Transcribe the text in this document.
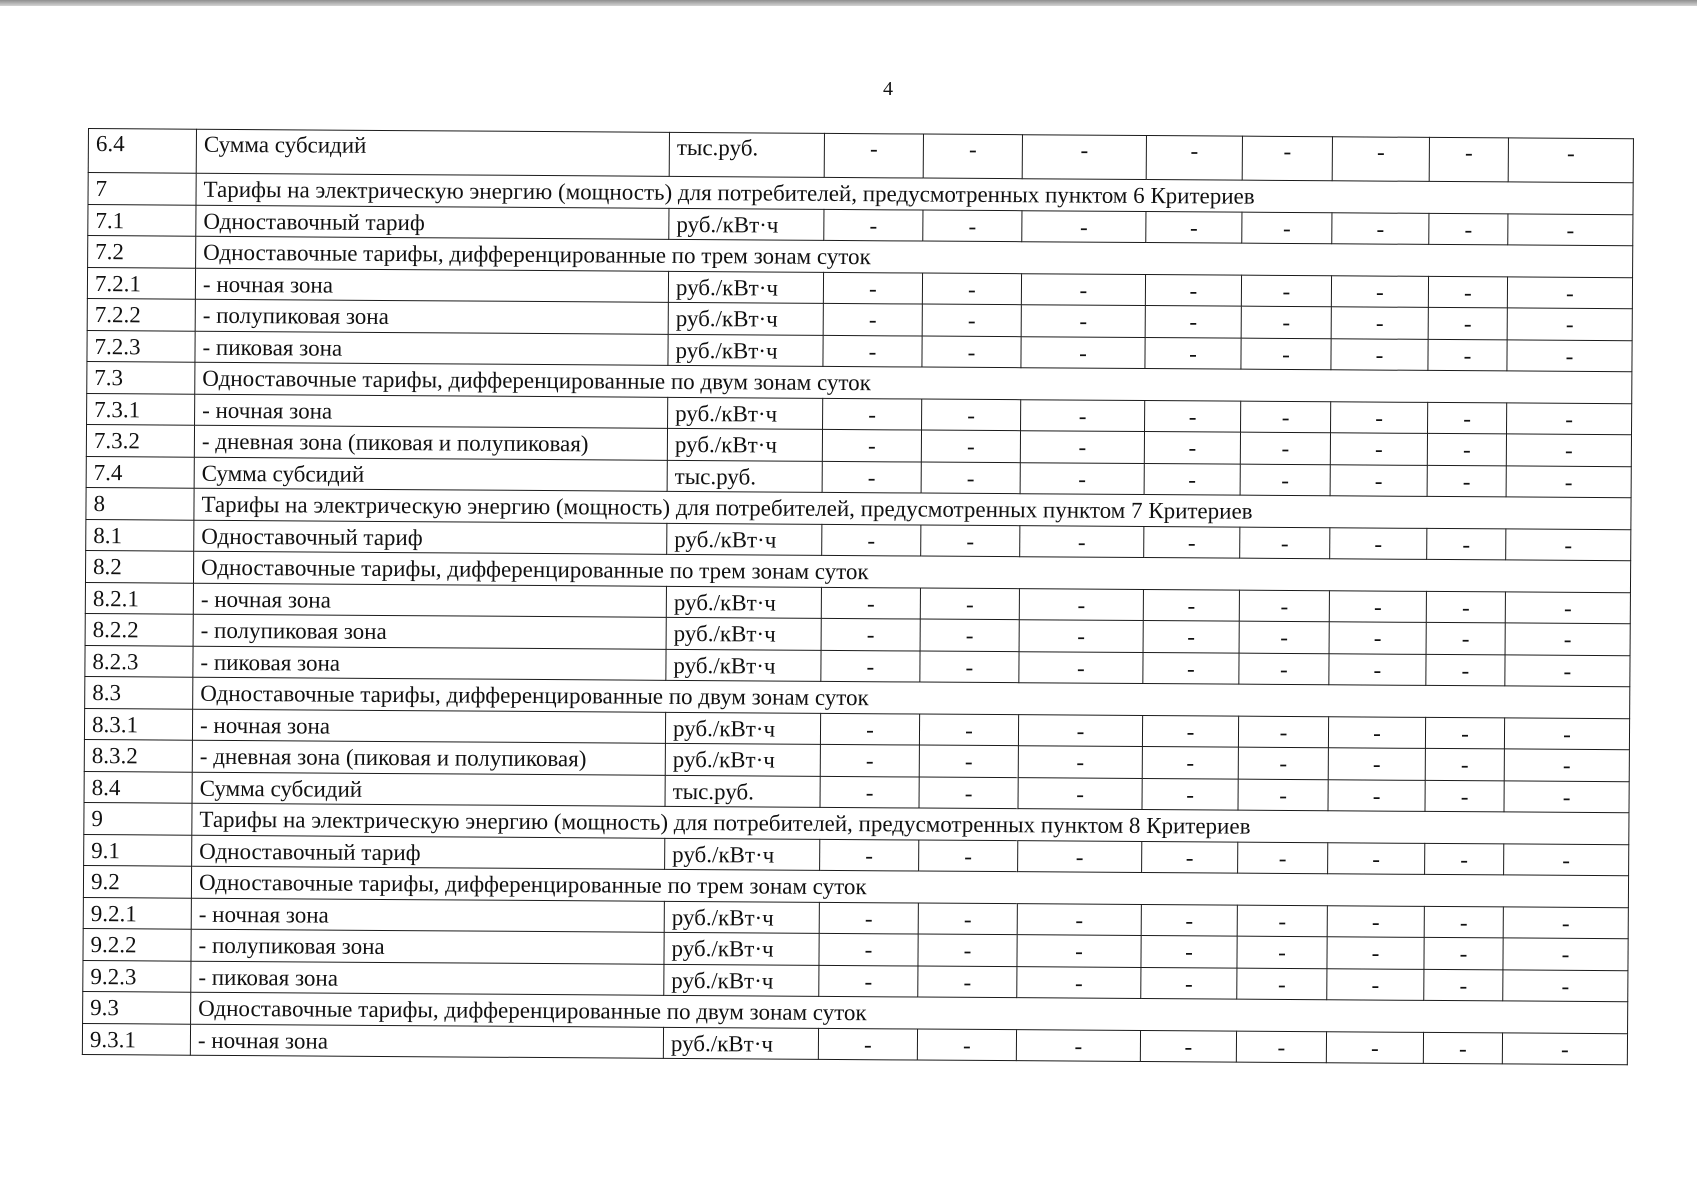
4
6.4	Сумма субсидий	тыс.руб.	-	-	-	-	-	-	-	-
7	Тарифы на электрическую энергию (мощность) для потребителей, предусмотренных пунктом 6 Критериев									
7.1	Одноставочный тариф	руб./кВт·ч	-	-	-	-	-	-	-	-
7.2	Одноставочные тарифы, дифференцированные по трем зонам суток									
7.2.1	- ночная зона	руб./кВт·ч	-	-	-	-	-	-	-	-
7.2.2	- полупиковая зона	руб./кВт·ч	-	-	-	-	-	-	-	-
7.2.3	- пиковая зона	руб./кВт·ч	-	-	-	-	-	-	-	-
7.3	Одноставочные тарифы, дифференцированные по двум зонам суток									
7.3.1	- ночная зона	руб./кВт·ч	-	-	-	-	-	-	-	-
7.3.2	- дневная зона (пиковая и полупиковая)	руб./кВт·ч	-	-	-	-	-	-	-	-
7.4	Сумма субсидий	тыс.руб.	-	-	-	-	-	-	-	-
8	Тарифы на электрическую энергию (мощность) для потребителей, предусмотренных пунктом 7 Критериев									
8.1	Одноставочный тариф	руб./кВт·ч	-	-	-	-	-	-	-	-
8.2	Одноставочные тарифы, дифференцированные по трем зонам суток									
8.2.1	- ночная зона	руб./кВт·ч	-	-	-	-	-	-	-	-
8.2.2	- полупиковая зона	руб./кВт·ч	-	-	-	-	-	-	-	-
8.2.3	- пиковая зона	руб./кВт·ч	-	-	-	-	-	-	-	-
8.3	Одноставочные тарифы, дифференцированные по двум зонам суток									
8.3.1	- ночная зона	руб./кВт·ч	-	-	-	-	-	-	-	-
8.3.2	- дневная зона (пиковая и полупиковая)	руб./кВт·ч	-	-	-	-	-	-	-	-
8.4	Сумма субсидий	тыс.руб.	-	-	-	-	-	-	-	-
9	Тарифы на электрическую энергию (мощность) для потребителей, предусмотренных пунктом 8 Критериев									
9.1	Одноставочный тариф	руб./кВт·ч	-	-	-	-	-	-	-	-
9.2	Одноставочные тарифы, дифференцированные по трем зонам суток									
9.2.1	- ночная зона	руб./кВт·ч	-	-	-	-	-	-	-	-
9.2.2	- полупиковая зона	руб./кВт·ч	-	-	-	-	-	-	-	-
9.2.3	- пиковая зона	руб./кВт·ч	-	-	-	-	-	-	-	-
9.3	Одноставочные тарифы, дифференцированные по двум зонам суток									
9.3.1	- ночная зона	руб./кВт·ч	-	-	-	-	-	-	-	-
